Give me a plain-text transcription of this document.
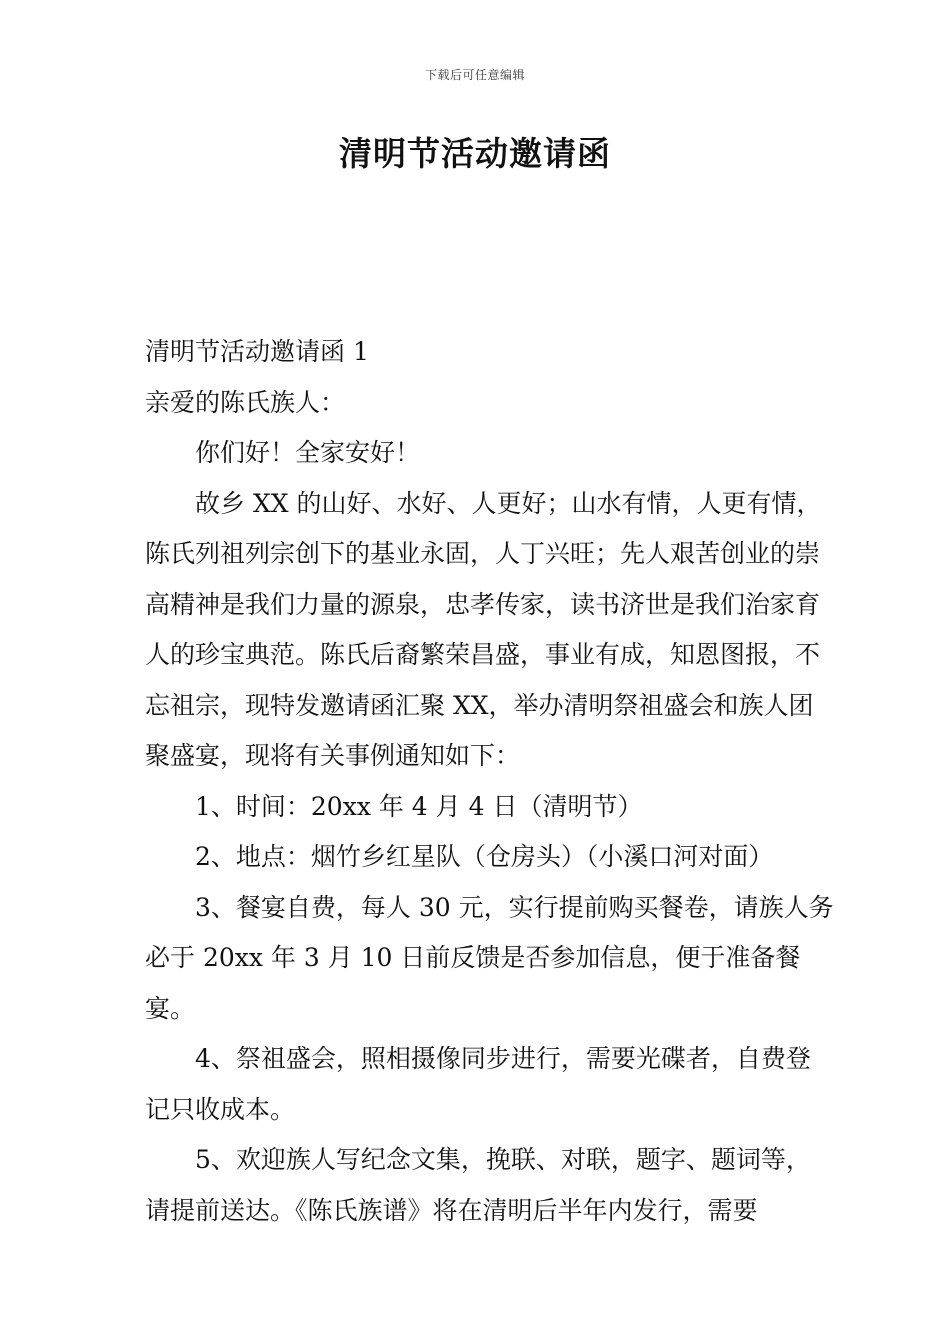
下载后可任意编辑
清明节活动邀请函

清明节活动邀请函 1

亲爱的陈氏族人：

你们好！全家安好！

故乡 XX 的山好、水好、人更好；山水有情，人更有情，陈氏列祖列宗创下的基业永固，人丁兴旺；先人艰苦创业的崇高精神是我们力量的源泉，忠孝传家，读书济世是我们治家育人的珍宝典范。陈氏后裔繁荣昌盛，事业有成，知恩图报，不忘祖宗，现特发邀请函汇聚 XX，举办清明祭祖盛会和族人团聚盛宴，现将有关事例通知如下：

1、时间：20xx 年 4 月 4 日（清明节）

2、地点：烟竹乡红星队（仓房头）（小溪口河对面）

3、餐宴自费，每人 30 元，实行提前购买餐卷，请族人务必于 20xx 年 3 月 10 日前反馈是否参加信息，便于准备餐宴。

4、祭祖盛会，照相摄像同步进行，需要光碟者，自费登记只收成本。

5、欢迎族人写纪念文集，挽联、对联，题字、题词等，请提前送达。《陈氏族谱》将在清明后半年内发行，需要
